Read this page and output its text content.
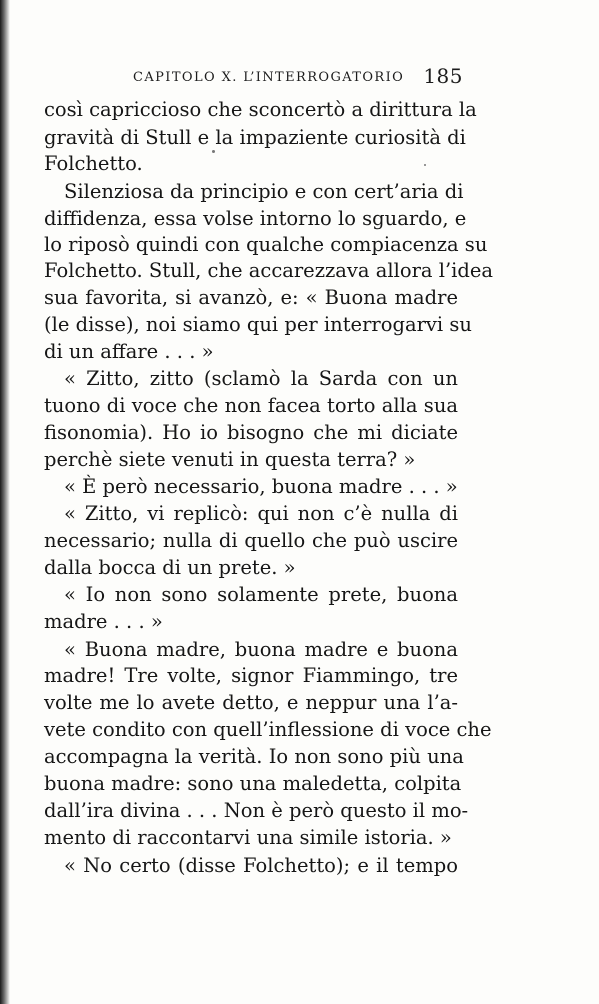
CAPITOLO X. L’INTERROGATORIO 185
così capriccioso che sconcertò a dirittura la
gravità di Stull e la impaziente curiosità di
Folchetto.
Silenziosa da principio e con cert’aria di
diffidenza, essa volse intorno lo sguardo, e
lo riposò quindi con qualche compiacenza su
Folchetto. Stull, che accarezzava allora l’idea
sua favorita, si avanzò, e: « Buona madre
(le disse), noi siamo qui per interrogarvi su
di un affare . . . »
« Zitto, zitto (sclamò la Sarda con un
tuono di voce che non facea torto alla sua
fisonomia). Ho io bisogno che mi diciate
perchè siete venuti in questa terra? »
« È però necessario, buona madre . . . »
« Zitto, vi replicò: qui non c’è nulla di
necessario; nulla di quello che può uscire
dalla bocca di un prete. »
« Io non sono solamente prete, buona
madre . . . »
« Buona madre, buona madre e buona
madre! Tre volte, signor Fiammingo, tre
volte me lo avete detto, e neppur una l’a-
vete condito con quell’inflessione di voce che
accompagna la verità. Io non sono più una
buona madre: sono una maledetta, colpita
dall’ira divina . . . Non è però questo il mo-
mento di raccontarvi una simile istoria. »
« No certo (disse Folchetto); e il tempo
